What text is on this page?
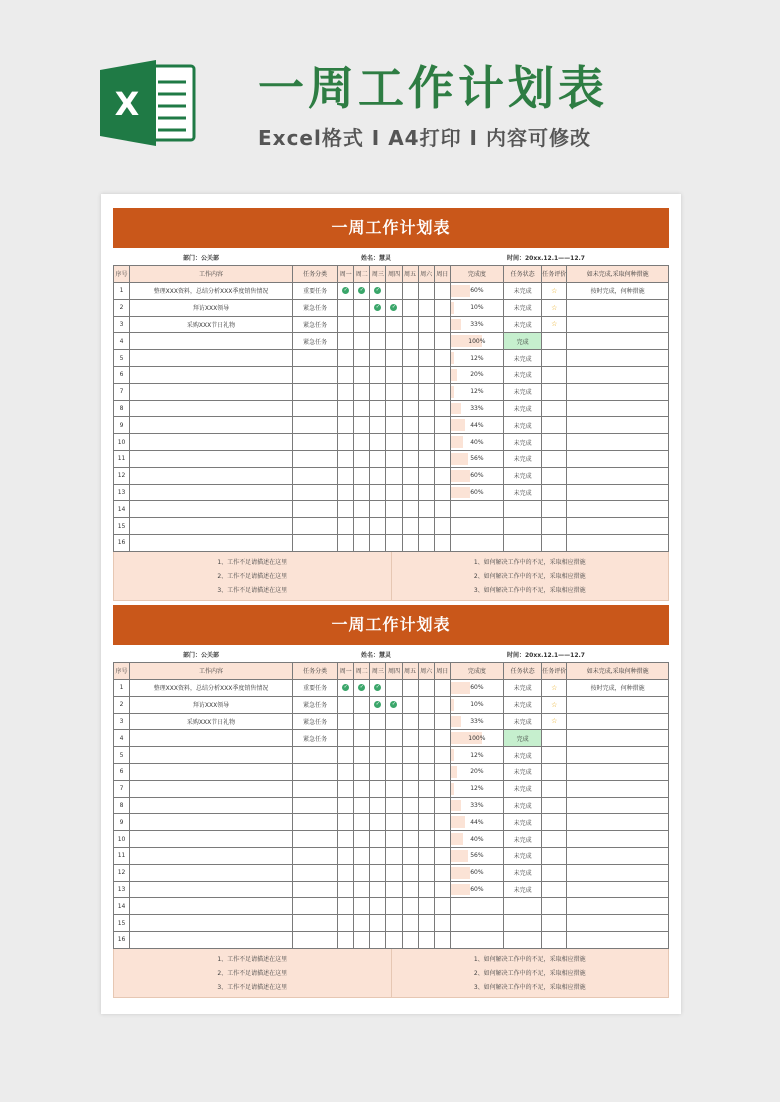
X	一周工作计划表
Excel格式 I A4打印 I 内容可修改
一周工作计划表
部门：公关部	姓名：慧灵	时间：20xx.12.1——12.7
序号	工作内容	任务分类	周一	周二	周三	周四	周五	周六	周日	完成度	任务状态	任务评价	如未完成,采取何种措施
1	整理XXX资料，总结分析XXX季度销售情况	重要任务	✓	✓	✓					60%	未完成	☆	按时完成，何种措施
2	拜访XXX领导	紧急任务			✓	✓				10%	未完成	☆	
3	采购XXX节日礼物	紧急任务								33%	未完成	☆	
4		紧急任务								100%	完成		
5										12%	未完成		
6										20%	未完成		
7										12%	未完成		
8										33%	未完成		
9										44%	未完成		
10										40%	未完成		
11										56%	未完成		
12										60%	未完成		
13										60%	未完成		
14										

15										

16										

1、工作不足请描述在这里
2、工作不足请描述在这里
3、工作不足请描述在这里
1、如何解决工作中的不足，采取相应措施
2、如何解决工作中的不足，采取相应措施
3、如何解决工作中的不足，采取相应措施
一周工作计划表
部门：公关部	姓名：慧灵	时间：20xx.12.1——12.7
序号	工作内容	任务分类	周一	周二	周三	周四	周五	周六	周日	完成度	任务状态	任务评价	如未完成,采取何种措施
1	整理XXX资料，总结分析XXX季度销售情况	重要任务	✓	✓	✓					60%	未完成	☆	按时完成，何种措施
2	拜访XXX领导	紧急任务			✓	✓				10%	未完成	☆	
3	采购XXX节日礼物	紧急任务								33%	未完成	☆	
4		紧急任务								100%	完成		
5										12%	未完成		
6										20%	未完成		
7										12%	未完成		
8										33%	未完成		
9										44%	未完成		
10										40%	未完成		
11										56%	未完成		
12										60%	未完成		
13										60%	未完成		
14										

15										

16										

1、工作不足请描述在这里
2、工作不足请描述在这里
3、工作不足请描述在这里
1、如何解决工作中的不足，采取相应措施
2、如何解决工作中的不足，采取相应措施
3、如何解决工作中的不足，采取相应措施
